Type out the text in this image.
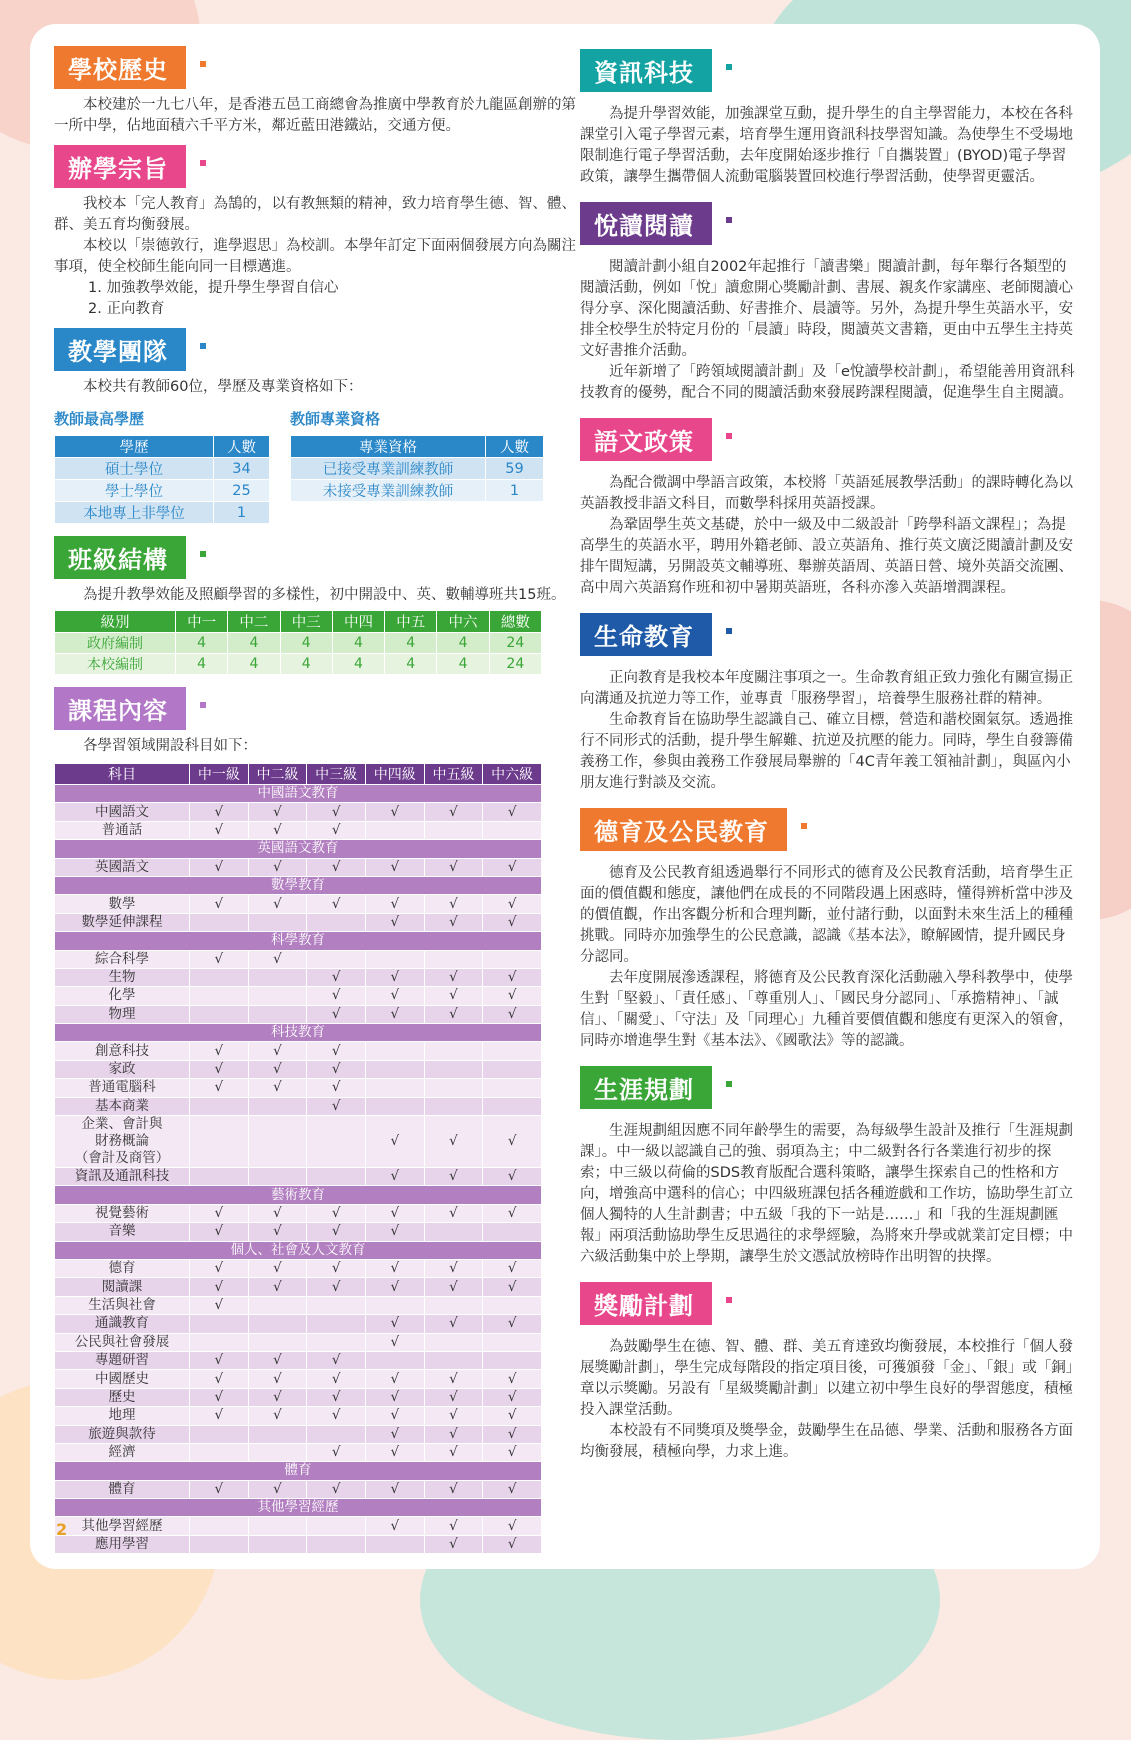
學校歷史

本校建於一九七八年，是香港五邑工商總會為推廣中學教育於九龍區創辦的第一所中學，佔地面積六千平方米，鄰近藍田港鐵站，交通方便。

辦學宗旨

我校本「完人教育」為鵠的，以有教無類的精神，致力培育學生德、智、體、群、美五育均衡發展。

本校以「崇德敦行，進學遐思」為校訓。本學年訂定下面兩個發展方向為關注事項，使全校師生能向同一目標邁進。

1. 加強教學效能，提升學生學習自信心
2. 正向教育
教學團隊

本校共有教師60位，學歷及專業資格如下：

教師最高學歷
學歷	人數
碩士學位	34
學士學位	25
本地專上非學位	1
教師專業資格
專業資格	人數
已接受專業訓練教師	59
未接受專業訓練教師	1
班級結構

為提升教學效能及照顧學習的多樣性，初中開設中、英、數輔導班共15班。

級別	中一	中二	中三	中四	中五	中六	總數
政府編制	4	4	4	4	4	4	24
本校編制	4	4	4	4	4	4	24
課程內容

各學習領域開設科目如下：

科目	中一級	中二級	中三級	中四級	中五級	中六級
中國語文教育						
中國語文	√	√	√	√	√	√
普通話	√	√	√			
英國語文教育						
英國語文	√	√	√	√	√	√
數學教育						
數學	√	√	√	√	√	√
數學延伸課程				√	√	√
科學教育						
綜合科學	√	√				
生物			√	√	√	√
化學			√	√	√	√
物理			√	√	√	√
科技教育						
創意科技	√	√	√			
家政	√	√	√			
普通電腦科	√	√	√			
基本商業			√			
企業、會計與
財務概論
（會計及商管）				√	√	√
資訊及通訊科技				√	√	√
藝術教育						
視覺藝術	√	√	√	√	√	√
音樂	√	√	√	√		
個人、社會及人文教育						
德育	√	√	√	√	√	√
閱讀課	√	√	√	√	√	√
生活與社會	√					
通識教育				√	√	√
公民與社會發展				√		
專題研習	√	√	√			
中國歷史	√	√	√	√	√	√
歷史	√	√	√	√	√	√
地理	√	√	√	√	√	√
旅遊與款待				√	√	√
經濟			√	√	√	√
體育						
體育	√	√	√	√	√	√
其他學習經歷						
其他學習經歷				√	√	√
應用學習					√	√
資訊科技

為提升學習效能，加強課堂互動，提升學生的自主學習能力，本校在各科課堂引入電子學習元素，培育學生運用資訊科技學習知識。為使學生不受場地限制進行電子學習活動，去年度開始逐步推行「自攜裝置」(BYOD)電子學習政策，讓學生攜帶個人流動電腦裝置回校進行學習活動，使學習更靈活。

悅讀閱讀

閱讀計劃小組自2002年起推行「讀書樂」閱讀計劃，每年舉行各類型的閱讀活動，例如「悅」讀愈開心獎勵計劃、書展、親炙作家講座、老師閱讀心得分享、深化閱讀活動、好書推介、晨讀等。另外，為提升學生英語水平，安排全校學生於特定月份的「晨讀」時段，閱讀英文書籍，更由中五學生主持英文好書推介活動。

近年新增了「跨領域閱讀計劃」及「e悅讀學校計劃」，希望能善用資訊科技教育的優勢，配合不同的閱讀活動來發展跨課程閱讀，促進學生自主閱讀。

語文政策

為配合微調中學語言政策，本校將「英語延展教學活動」的課時轉化為以英語教授非語文科目，而數學科採用英語授課。

為鞏固學生英文基礎，於中一級及中二級設計「跨學科語文課程」；為提高學生的英語水平，聘用外籍老師、設立英語角、推行英文廣泛閱讀計劃及安排午間短講，另開設英文輔導班、舉辦英語周、英語日營、境外英語交流團、高中周六英語寫作班和初中暑期英語班，各科亦滲入英語增潤課程。

生命教育

正向教育是我校本年度關注事項之一。生命教育組正致力強化有關宣揚正向溝通及抗逆力等工作，並專責「服務學習」，培養學生服務社群的精神。

生命教育旨在協助學生認識自己、確立目標，營造和諧校園氣氛。透過推行不同形式的活動，提升學生解難、抗逆及抗壓的能力。同時，學生自發籌備義務工作，參與由義務工作發展局舉辦的「4C青年義工領袖計劃」，與區內小朋友進行對談及交流。

德育及公民教育

德育及公民教育組透過舉行不同形式的德育及公民教育活動，培育學生正面的價值觀和態度，讓他們在成長的不同階段遇上困惑時，懂得辨析當中涉及的價值觀，作出客觀分析和合理判斷，並付諸行動，以面對未來生活上的種種挑戰。同時亦加強學生的公民意識，認識《基本法》，瞭解國情，提升國民身分認同。

去年度開展滲透課程，將德育及公民教育深化活動融入學科教學中，使學生對「堅毅」、「責任感」、「尊重別人」、「國民身分認同」、「承擔精神」、「誠信」、「關愛」、「守法」及「同理心」九種首要價值觀和態度有更深入的領會，同時亦增進學生對《基本法》、《國歌法》等的認識。

生涯規劃

生涯規劃組因應不同年齡學生的需要，為每級學生設計及推行「生涯規劃課」。中一級以認識自己的強、弱項為主；中二級對各行各業進行初步的探索；中三級以荷倫的SDS教育版配合選科策略，讓學生探索自己的性格和方向，增強高中選科的信心；中四級班課包括各種遊戲和工作坊，協助學生訂立個人獨特的人生計劃書；中五級「我的下一站是……」和「我的生涯規劃匯報」兩項活動協助學生反思過往的求學經驗，為將來升學或就業訂定目標；中六級活動集中於上學期，讓學生於文憑試放榜時作出明智的抉擇。

獎勵計劃

為鼓勵學生在德、智、體、群、美五育達致均衡發展，本校推行「個人發展獎勵計劃」，學生完成每階段的指定項目後，可獲頒發「金」、「銀」或「銅」章以示獎勵。另設有「星級獎勵計劃」以建立初中學生良好的學習態度，積極投入課堂活動。

本校設有不同獎項及獎學金，鼓勵學生在品德、學業、活動和服務各方面均衡發展，積極向學，力求上進。

2
